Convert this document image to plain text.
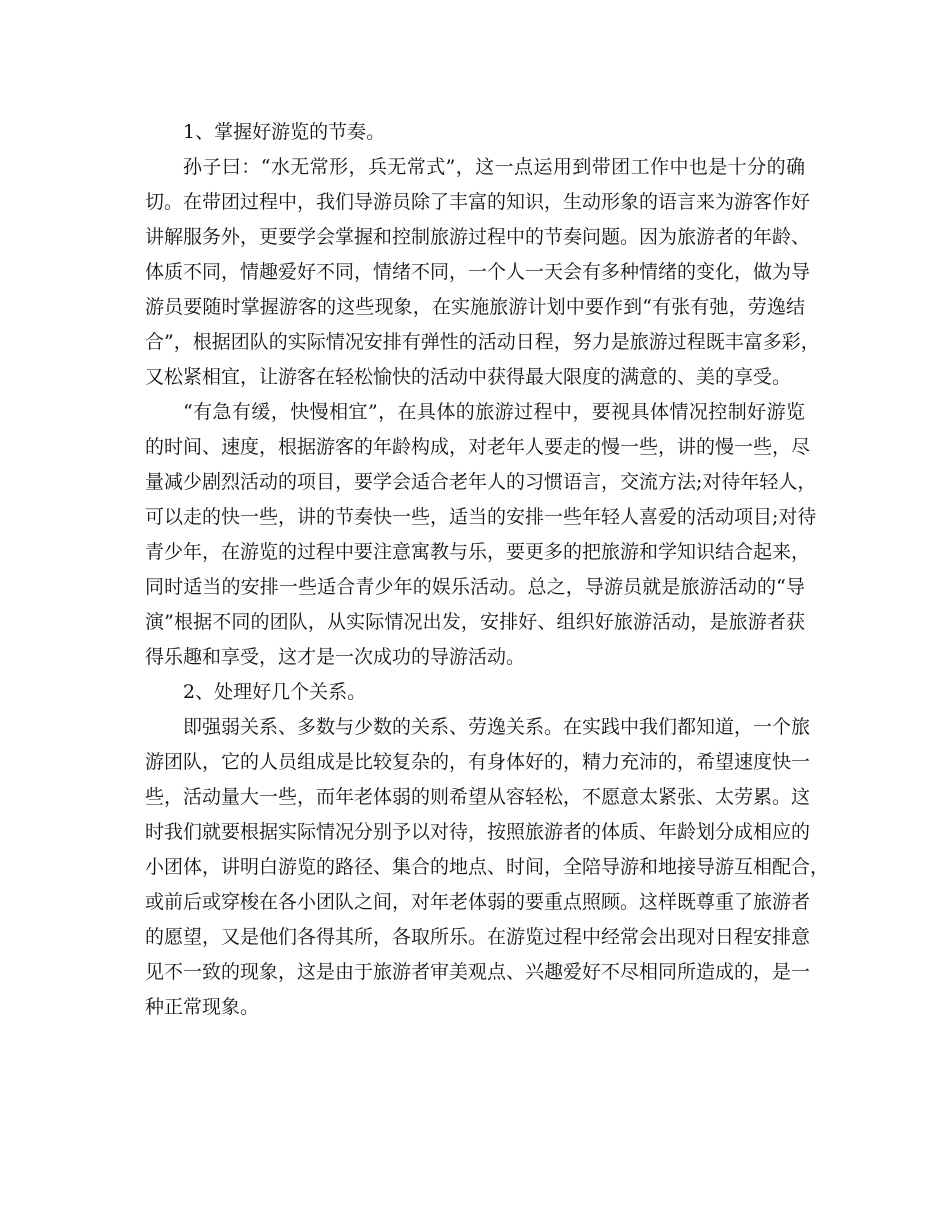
1、掌握好游览的节奏。
孙子曰：“水无常形，兵无常式”，这一点运用到带团工作中也是十分的确
切。在带团过程中，我们导游员除了丰富的知识，生动形象的语言来为游客作好
讲解服务外，更要学会掌握和控制旅游过程中的节奏问题。因为旅游者的年龄、
体质不同，情趣爱好不同，情绪不同，一个人一天会有多种情绪的变化，做为导
游员要随时掌握游客的这些现象，在实施旅游计划中要作到“有张有弛，劳逸结
合”，根据团队的实际情况安排有弹性的活动日程，努力是旅游过程既丰富多彩，
又松紧相宜，让游客在轻松愉快的活动中获得最大限度的满意的、美的享受。
“有急有缓，快慢相宜”，在具体的旅游过程中，要视具体情况控制好游览
的时间、速度，根据游客的年龄构成，对老年人要走的慢一些，讲的慢一些，尽
量减少剧烈活动的项目，要学会适合老年人的习惯语言，交流方法;对待年轻人，
可以走的快一些，讲的节奏快一些，适当的安排一些年轻人喜爱的活动项目;对待
青少年，在游览的过程中要注意寓教与乐，要更多的把旅游和学知识结合起来，
同时适当的安排一些适合青少年的娱乐活动。总之，导游员就是旅游活动的“导
演”根据不同的团队，从实际情况出发，安排好、组织好旅游活动，是旅游者获
得乐趣和享受，这才是一次成功的导游活动。
2、处理好几个关系。
即强弱关系、多数与少数的关系、劳逸关系。在实践中我们都知道，一个旅
游团队，它的人员组成是比较复杂的，有身体好的，精力充沛的，希望速度快一
些，活动量大一些，而年老体弱的则希望从容轻松，不愿意太紧张、太劳累。这
时我们就要根据实际情况分别予以对待，按照旅游者的体质、年龄划分成相应的
小团体，讲明白游览的路径、集合的地点、时间，全陪导游和地接导游互相配合，
或前后或穿梭在各小团队之间，对年老体弱的要重点照顾。这样既尊重了旅游者
的愿望，又是他们各得其所，各取所乐。在游览过程中经常会出现对日程安排意
见不一致的现象，这是由于旅游者审美观点、兴趣爱好不尽相同所造成的，是一
种正常现象。
